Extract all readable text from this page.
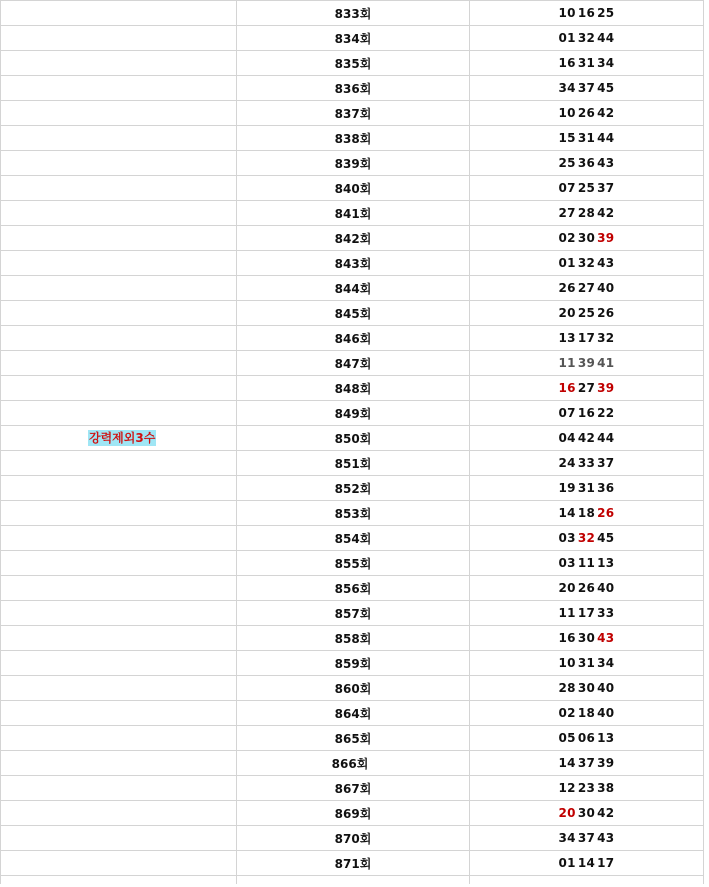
	833회	10 16 25
	834회	01 32 44
	835회	16 31 34
	836회	34 37 45
	837회	10 26 42
	838회	15 31 44
	839회	25 36 43
	840회	07 25 37
	841회	27 28 42
	842회	02 30 39
	843회	01 32 43
	844회	26 27 40
	845회	20 25 26
	846회	13 17 32
	847회	11 39 41
	848회	16 27 39
	849회	07 16 22
강력제외3수	850회	04 42 44
	851회	24 33 37
	852회	19 31 36
	853회	14 18 26
	854회	03 32 45
	855회	03 11 13
	856회	20 26 40
	857회	11 17 33
	858회	16 30 43
	859회	10 31 34
	860회	28 30 40
	864회	02 18 40
	865회	05 06 13
	866회	14 37 39
	867회	12 23 38
	869회	20 30 42
	870회	34 37 43
	871회	01 14 17
